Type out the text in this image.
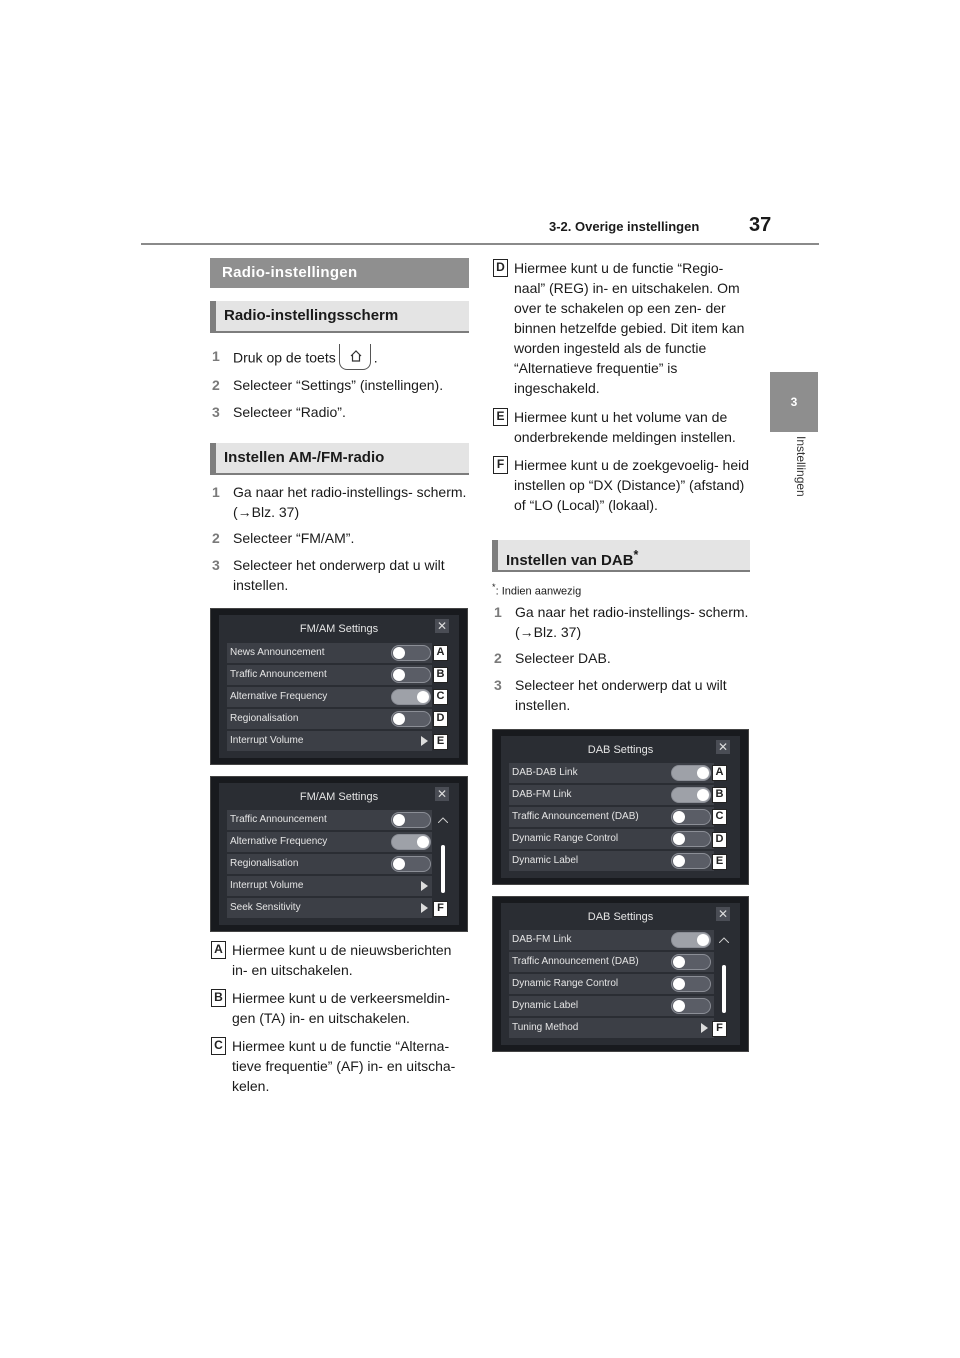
3-2. Overige instellingen 37
3
Instellingen
Radio-instellingen
Radio-instellingsscherm
1 Druk op de toets	.
2 Selecteer “Settings” (instellingen).
3 Selecteer “Radio”.
Instellen AM-/FM-radio
1 Ga naar het radio-instellings- scherm. (→Blz. 37)
2 Selecteer “FM/AM”.
3 Selecteer het onderwerp dat u wilt instellen.
FM/AM Settings	✕
News Announcement	A
Traffic Announcement	B
Alternative Frequency	C
Regionalisation	D
Interrupt Volume	E
FM/AM Settings	✕
Traffic Announcement
Alternative Frequency
Regionalisation
Interrupt Volume
Seek Sensitivity	F
A Hiermee kunt u de nieuwsberichten in- en uitschakelen.
B Hiermee kunt u de verkeersmeldin- gen (TA) in- en uitschakelen.
C Hiermee kunt u de functie “Alterna- tieve frequentie” (AF) in- en uitscha- kelen.
D Hiermee kunt u de functie “Regio- naal” (REG) in- en uitschakelen. Om over te schakelen op een zen- der binnen hetzelfde gebied. Dit item kan worden ingesteld als de functie “Alternatieve frequentie” is ingeschakeld.
E Hiermee kunt u het volume van de onderbrekende meldingen instellen.
F Hiermee kunt u de zoekgevoelig- heid instellen op “DX (Distance)” (afstand) of “LO (Local)” (lokaal).
Instellen van DAB*
*: Indien aanwezig
1 Ga naar het radio-instellings- scherm. (→Blz. 37)
2 Selecteer DAB.
3 Selecteer het onderwerp dat u wilt instellen.
DAB Settings	✕
DAB-DAB Link	A
DAB-FM Link	B
Traffic Announcement (DAB)	C
Dynamic Range Control	D
Dynamic Label	E
DAB Settings	✕
DAB-FM Link
Traffic Announcement (DAB)
Dynamic Range Control
Dynamic Label
Tuning Method	F
